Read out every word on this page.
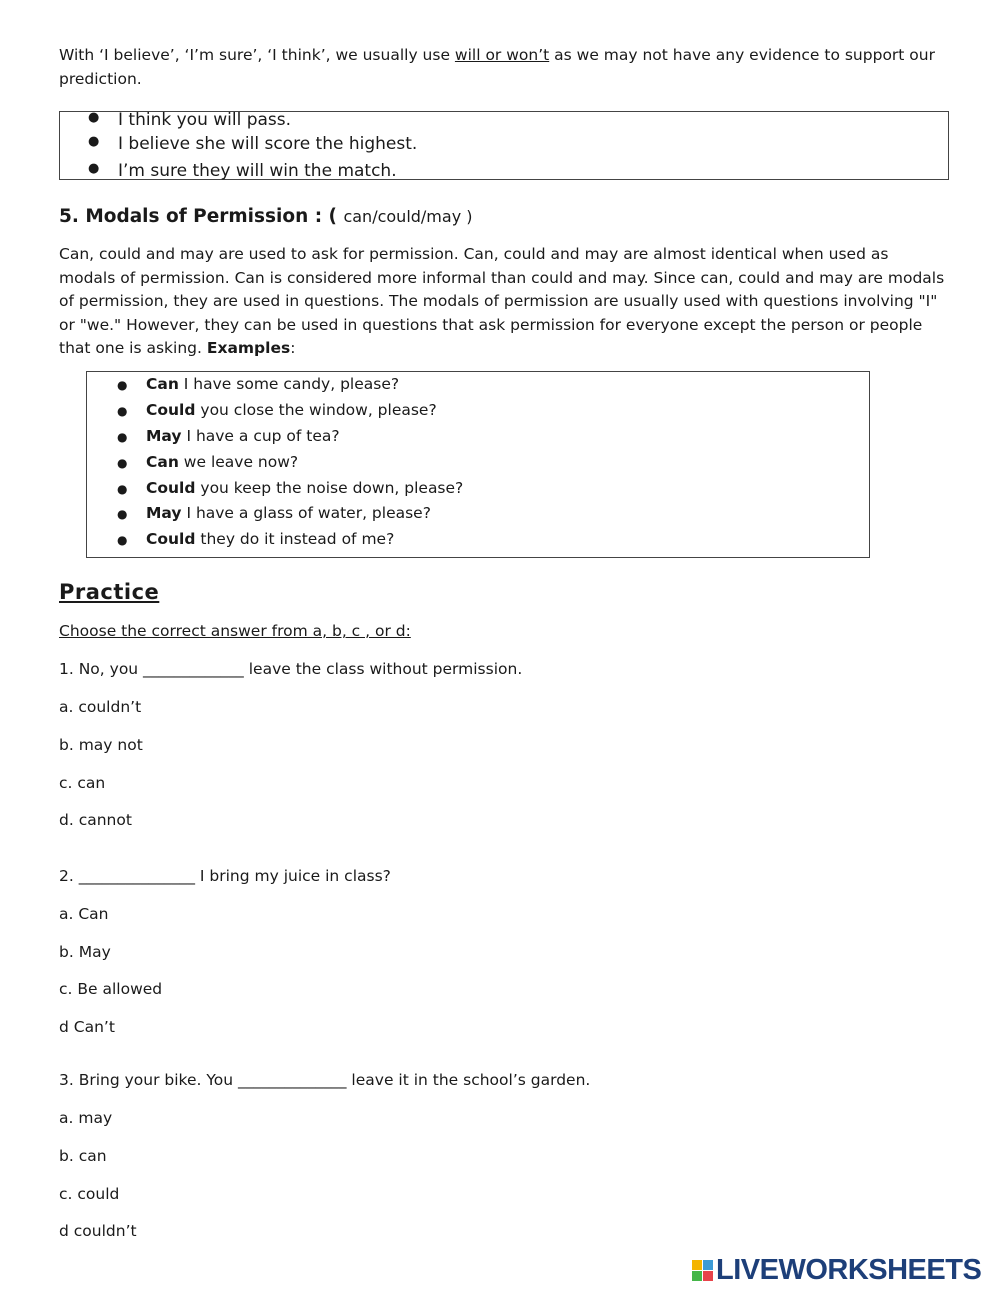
With ‘I believe’, ‘I’m sure’, ‘I think’, we usually use will or won’t as we may not have any evidence to support our prediction.

● I think you will pass.
● I believe she will score the highest.
● I’m sure they will win the match.
5. Modals of Permission : ( can/could/may )

Can, could and may are used to ask for permission. Can, could and may are almost identical when used as modals of permission. Can is considered more informal than could and may. Since can, could and may are modals of permission, they are used in questions. The modals of permission are usually used with questions involving "I" or "we." However, they can be used in questions that ask permission for everyone except the person or people that one is asking. Examples:

● Can I have some candy, please?
● Could you close the window, please?
● May I have a cup of tea?
● Can we leave now?
● Could you keep the noise down, please?
● May I have a glass of water, please?
● Could they do it instead of me?
Practice
Choose the correct answer from a, b, c , or d:
1. No, you _____________ leave the class without permission.
a. couldn’t
b. may not
c. can
d. cannot
2. _______________ I bring my juice in class?
a. Can
b. May
c. Be allowed
d Can’t
3. Bring your bike. You ______________ leave it in the school’s garden.
a. may
b. can
c. could
d couldn’t
LIVEWORKSHEETS
